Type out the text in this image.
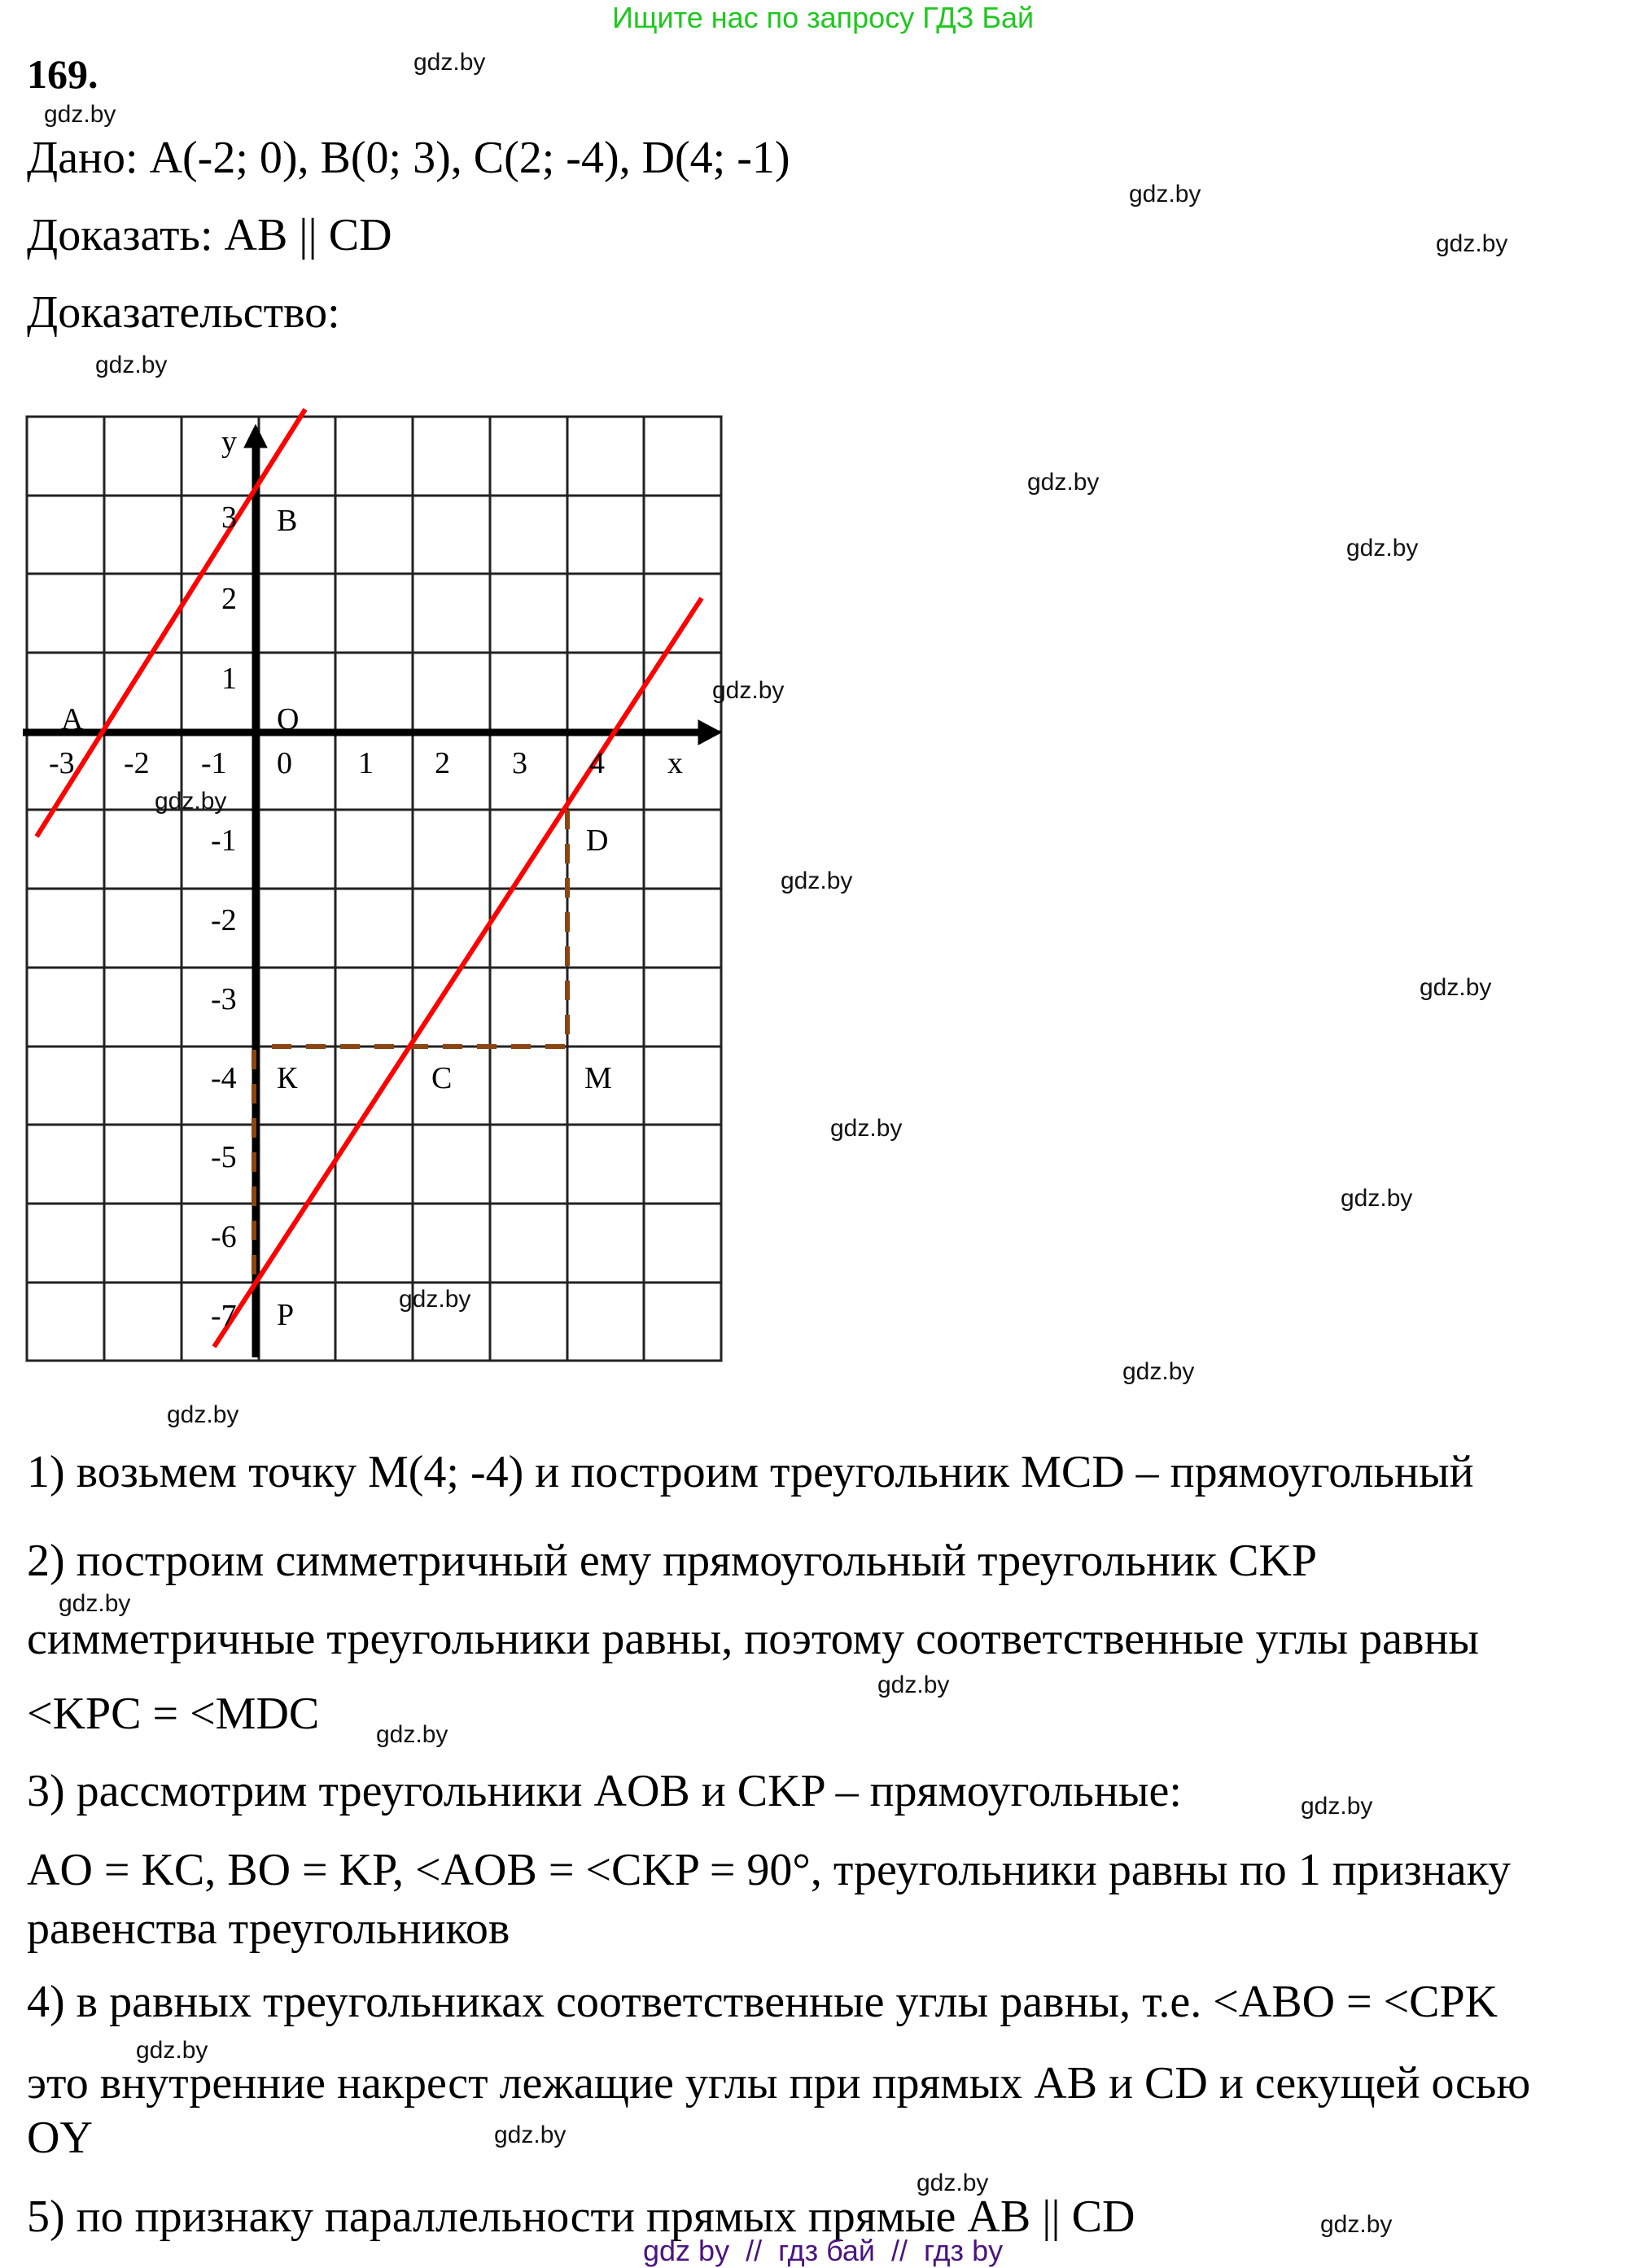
Ищите нас по запросу ГДЗ Бай
169.
Дано: A(-2; 0), B(0; 3), C(2; -4), D(4; -1)
Доказать: AB || CD
Доказательство:
y
x
O
3
2
1
-1
-2
-3
-4
-5
-6
-7
-3 -2 -1 0 1 2 3 4
A
B
D
К	C	M
P
1) возьмем точку M(4; -4) и построим треугольник MCD – прямоугольный
2) построим симметричный ему прямоугольный треугольник CKP
симметричные треугольники равны, поэтому соответственные углы равны
<KPC = <MDC
3) рассмотрим треугольники AOB и CKP – прямоугольные:
AO = KC, BO = KP, <AOB = <CKP = 90°, треугольники равны по 1 признаку
равенства треугольников
4) в равных треугольниках соответственные углы равны, т.е. <ABO = <CPK
это внутренние накрест лежащие углы при прямых AB и CD и секущей осью
OY
5) по признаку параллельности прямых прямые AB || CD
gdz.by
gdz.by
gdz.by
gdz.by
gdz.by
gdz.by
gdz.by
gdz.by
gdz.by
gdz.by
gdz.by
gdz.by
gdz.by
gdz.by
gdz.by
gdz.by
gdz.by
gdz.by
gdz.by
gdz.by
gdz.by
gdz.by
gdz.by
gdz.by
gdz by  //  гдз бай  //  гдз by
